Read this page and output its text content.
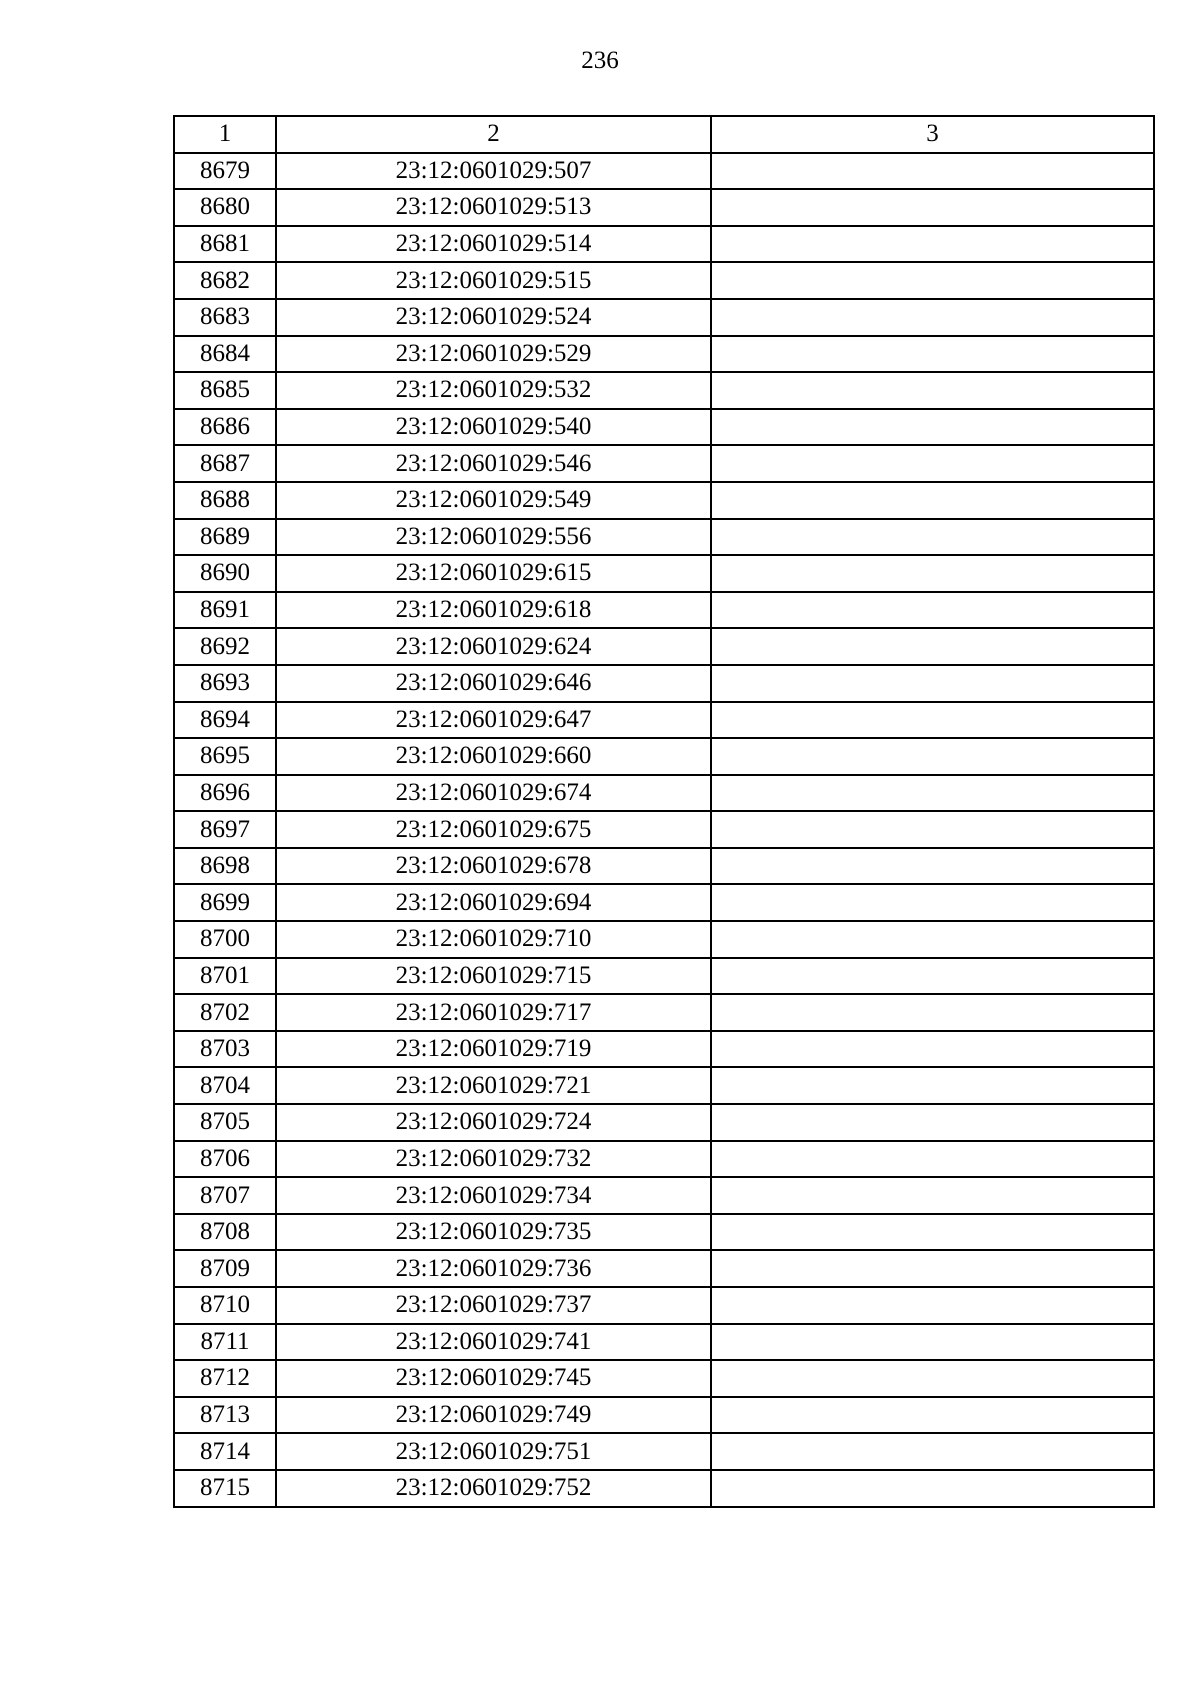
236
1	2	3
8679	23:12:0601029:507	
8680	23:12:0601029:513	
8681	23:12:0601029:514	
8682	23:12:0601029:515	
8683	23:12:0601029:524	
8684	23:12:0601029:529	
8685	23:12:0601029:532	
8686	23:12:0601029:540	
8687	23:12:0601029:546	
8688	23:12:0601029:549	
8689	23:12:0601029:556	
8690	23:12:0601029:615	
8691	23:12:0601029:618	
8692	23:12:0601029:624	
8693	23:12:0601029:646	
8694	23:12:0601029:647	
8695	23:12:0601029:660	
8696	23:12:0601029:674	
8697	23:12:0601029:675	
8698	23:12:0601029:678	
8699	23:12:0601029:694	
8700	23:12:0601029:710	
8701	23:12:0601029:715	
8702	23:12:0601029:717	
8703	23:12:0601029:719	
8704	23:12:0601029:721	
8705	23:12:0601029:724	
8706	23:12:0601029:732	
8707	23:12:0601029:734	
8708	23:12:0601029:735	
8709	23:12:0601029:736	
8710	23:12:0601029:737	
8711	23:12:0601029:741	
8712	23:12:0601029:745	
8713	23:12:0601029:749	
8714	23:12:0601029:751	
8715	23:12:0601029:752	
